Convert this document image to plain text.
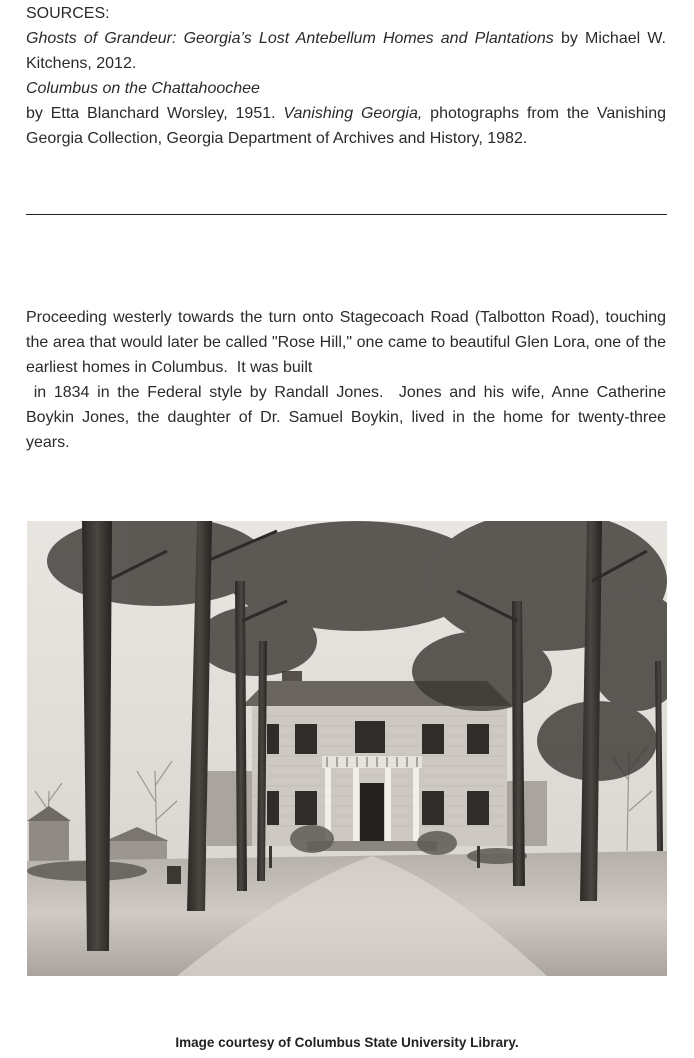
SOURCES:
Ghosts of Grandeur: Georgia’s Lost Antebellum Homes and Plantations by Michael W.
Kitchens, 2012.
Columbus on the Chattahoochee
by Etta Blanchard Worsley, 1951. Vanishing Georgia, photographs from the Vanishing
Georgia Collection, Georgia Department of Archives and History, 1982.
Proceeding westerly towards the turn onto Stagecoach Road (Talbotton Road), touching
the area that would later be called "Rose Hill," one came to beautiful Glen Lora, one of the
earliest homes in Columbus.  It was built
in 1834 in the Federal style by Randall Jones.  Jones and his wife, Anne Catherine
Boykin Jones, the daughter of Dr. Samuel Boykin, lived in the home for twenty-three
years.
Image courtesy of Columbus State University Library.
